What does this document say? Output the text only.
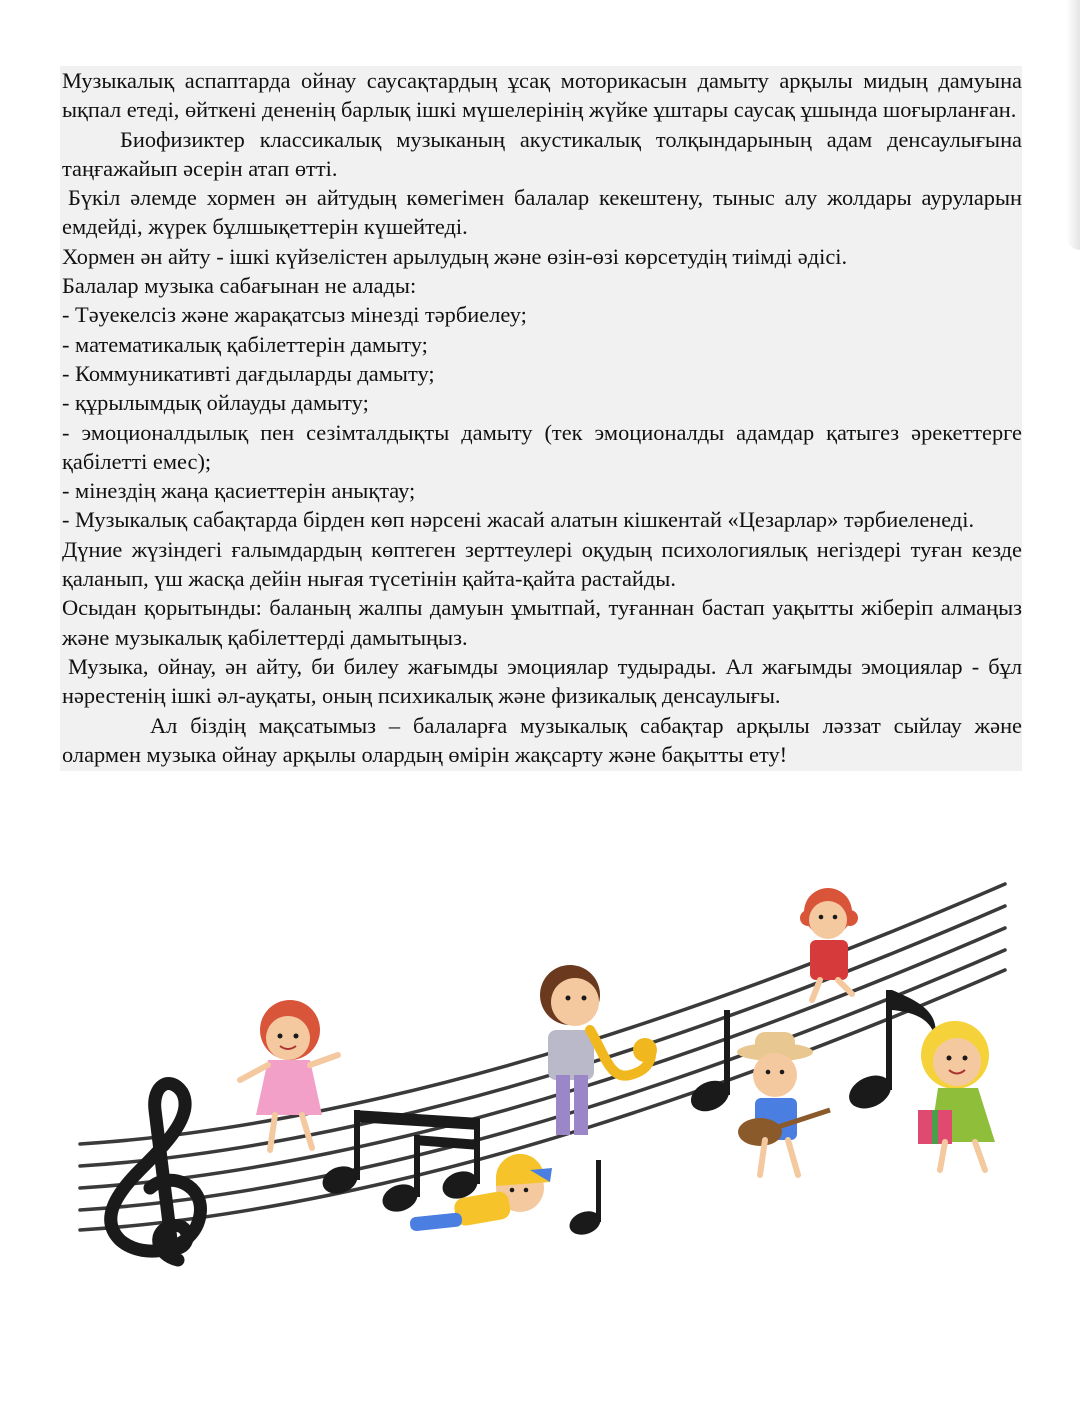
Музыкалық аспаптарда ойнау саусақтардың ұсақ моторикасын дамыту арқылы мидың дамуына ықпал етеді, өйткені дененің барлық ішкі мүшелерінің жүйке ұштары саусақ ұшында шоғырланған.

Биофизиктер классикалық музыканың акустикалық толқындарының адам денсаулығына таңғажайып әсерін атап өтті.

Бүкіл әлемде хормен ән айтудың көмегімен балалар кекештену, тыныс алу жолдары ауруларын емдейді, жүрек бұлшықеттерін күшейтеді.

Хормен ән айту - ішкі күйзелістен арылудың және өзін-өзі көрсетудің тиімді әдісі.

Балалар музыка сабағынан не алады:

- Тәуекелсіз және жарақатсыз мінезді тәрбиелеу;

- математикалық қабілеттерін дамыту;

- Коммуникативті дағдыларды дамыту;

- құрылымдық ойлауды дамыту;

- эмоционалдылық пен сезімталдықты дамыту (тек эмоционалды адамдар қатыгез әрекеттерге қабілетті емес);

- мінездің жаңа қасиеттерін анықтау;

- Музыкалық сабақтарда бірден көп нәрсені жасай алатын кішкентай «Цезарлар» тәрбиеленеді.

Дүние жүзіндегі ғалымдардың көптеген зерттеулері оқудың психологиялық негіздері туған кезде қаланып, үш жасқа дейін нығая түсетінін қайта-қайта растайды.

Осыдан қорытынды: баланың жалпы дамуын ұмытпай, туғаннан бастап уақытты жіберіп алмаңыз және музыкалық қабілеттерді дамытыңыз.

Музыка, ойнау, ән айту, би билеу жағымды эмоциялар тудырады. Ал жағымды эмоциялар - бұл нәрестенің ішкі әл-ауқаты, оның психикалық және физикалық денсаулығы.

Ал біздің мақсатымыз – балаларға музыкалық сабақтар арқылы ләззат сыйлау және олармен музыка ойнау арқылы олардың өмірін жақсарту және бақытты ету!
